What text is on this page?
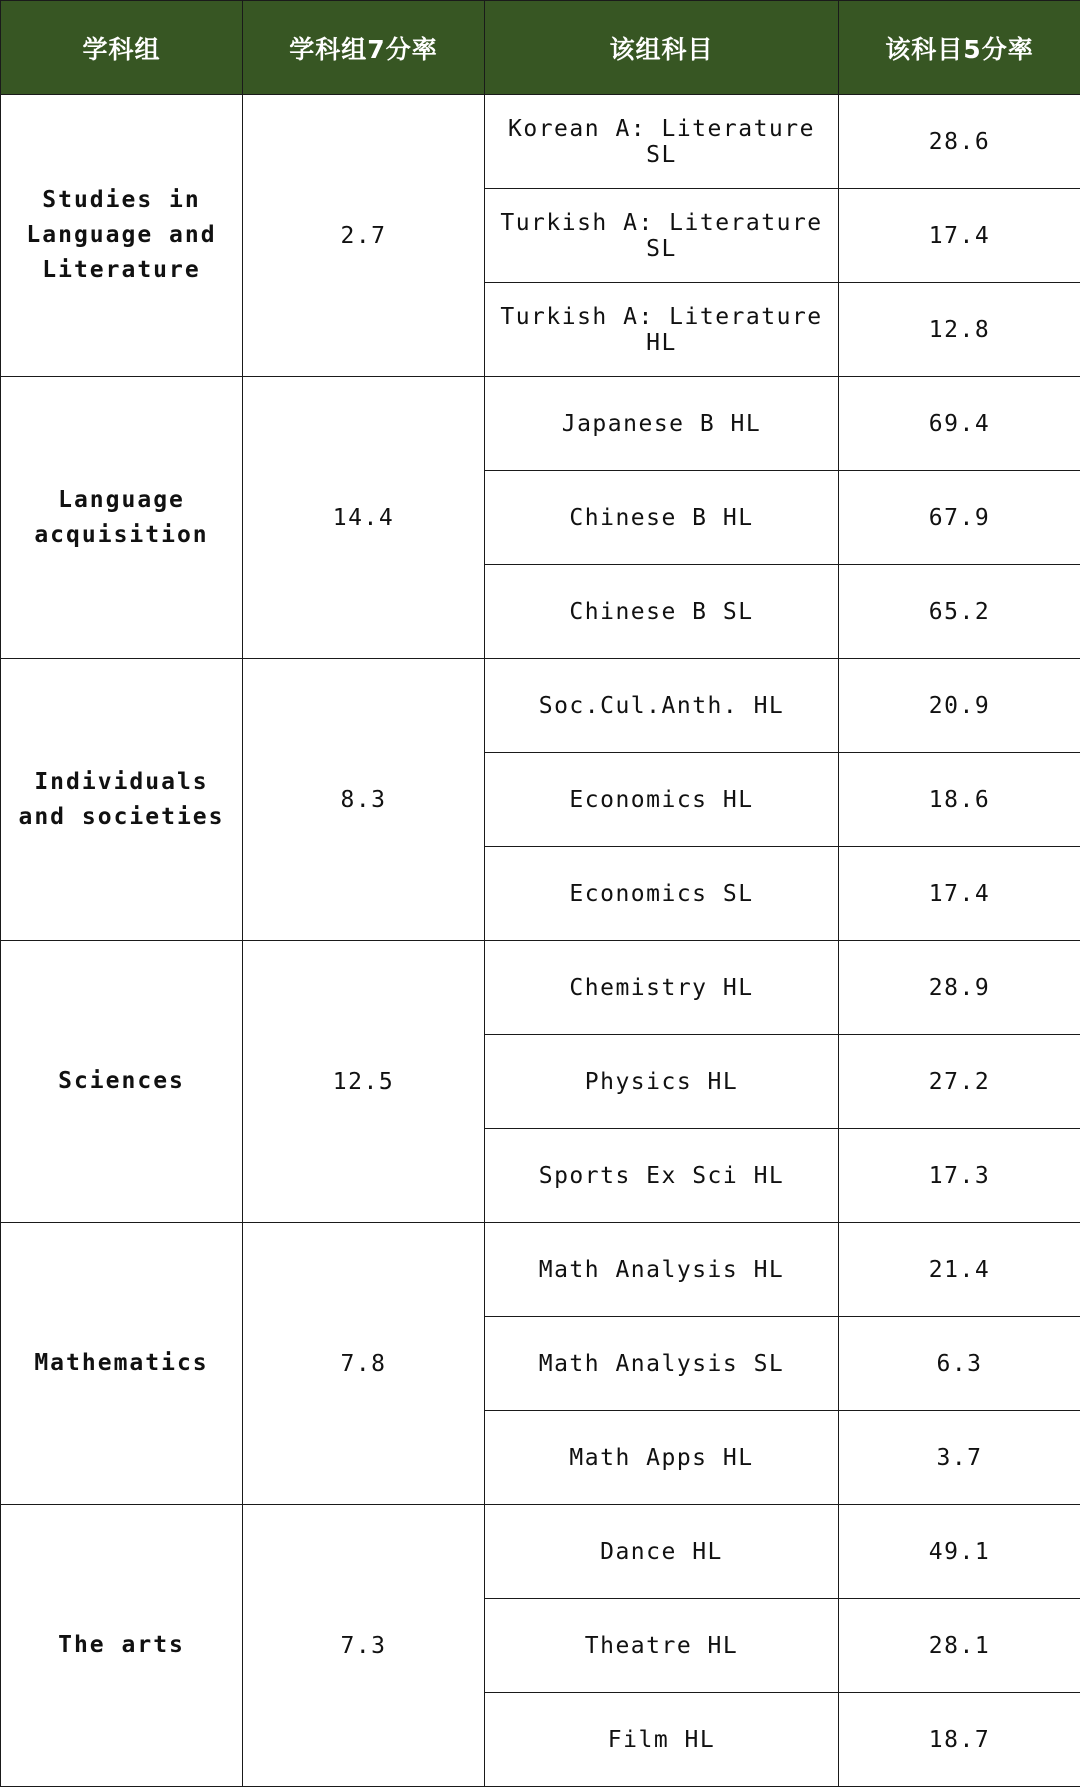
学科组	学科组7分率	该组科目	该科目5分率
Studies in Language and Literature	2.7	Korean A: Literature SL	28.6
		Turkish A: Literature SL	17.4
		Turkish A: Literature HL	12.8
Language acquisition	14.4	Japanese B HL	69.4
		Chinese B HL	67.9
		Chinese B SL	65.2
Individuals and societies	8.3	Soc.Cul.Anth. HL	20.9
		Economics HL	18.6
		Economics SL	17.4
Sciences	12.5	Chemistry HL	28.9
		Physics HL	27.2
		Sports Ex Sci HL	17.3
Mathematics	7.8	Math Analysis HL	21.4
		Math Analysis SL	6.3
		Math Apps HL	3.7
The arts	7.3	Dance HL	49.1
		Theatre HL	28.1
		Film HL	18.7
